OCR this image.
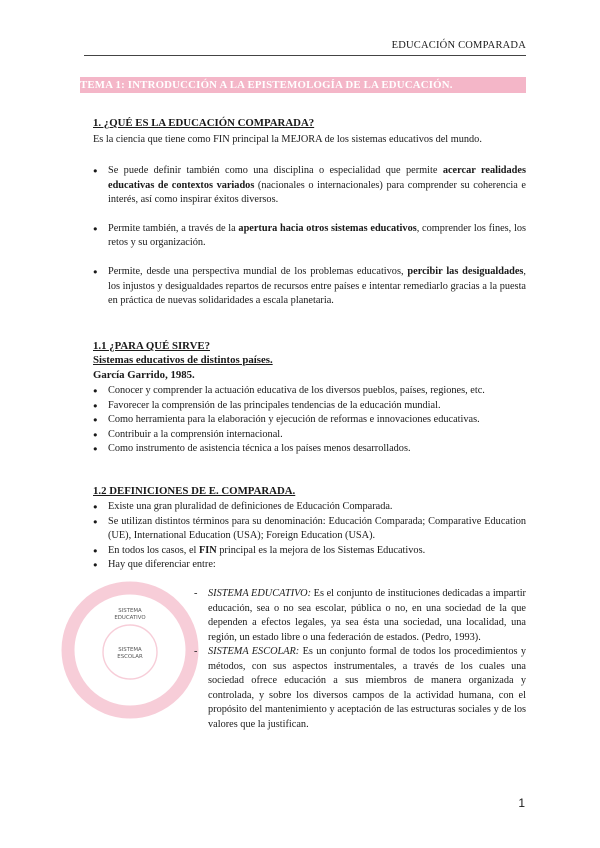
EDUCACIÓN COMPARADA
TEMA 1: INTRODUCCIÓN A LA EPISTEMOLOGÍA DE LA EDUCACIÓN.
1. ¿QUÉ ES LA EDUCACIÓN COMPARADA?
Es la ciencia que tiene como FIN principal la MEJORA de los sistemas educativos del mundo.
● Se puede definir también como una disciplina o especialidad que permite acercar realidades educativas de contextos variados (nacionales o internacionales) para comprender su coherencia e interés, así como inspirar éxitos diversos.
● Permite también, a través de la apertura hacia otros sistemas educativos, comprender los fines, los retos y su organización.
● Permite, desde una perspectiva mundial de los problemas educativos, percibir las desigualdades, los injustos y desigualdades repartos de recursos entre países e intentar remediarlo gracias a la puesta en práctica de nuevas solidaridades a escala planetaria.
1.1 ¿PARA QUÉ SIRVE?
Sistemas educativos de distintos países.
García Garrido, 1985.
● Conocer y comprender la actuación educativa de los diversos pueblos, países, regiones, etc.
● Favorecer la comprensión de las principales tendencias de la educación mundial.
● Como herramienta para la elaboración y ejecución de reformas e innovaciones educativas.
● Contribuir a la comprensión internacional.
● Como instrumento de asistencia técnica a los países menos desarrollados.
1.2 DEFINICIONES DE E. COMPARADA.
● Existe una gran pluralidad de definiciones de Educación Comparada.
● Se utilizan distintos términos para su denominación: Educación Comparada; Comparative Education (UE), International Education (USA); Foreign Education (USA).
● En todos los casos, el FIN principal es la mejora de los Sistemas Educativos.
● Hay que diferenciar entre:
SISTEMA
EDUCATIVO
SISTEMA
ESCOLAR
- SISTEMA EDUCATIVO: Es el conjunto de instituciones dedicadas a impartir educación, sea o no sea escolar, pública o no, en una sociedad de la que dependen a efectos legales, ya sea ésta una sociedad, una localidad, una región, un estado libre o una federación de estados. (Pedro, 1993).
- SISTEMA ESCOLAR: Es un conjunto formal de todos los procedimientos y métodos, con sus aspectos instrumentales, a través de los cuales una sociedad ofrece educación a sus miembros de manera organizada y controlada, y sobre los diversos campos de la actividad humana, con el propósito del mantenimiento y aceptación de las estructuras sociales y de los valores que la justifican.
1
